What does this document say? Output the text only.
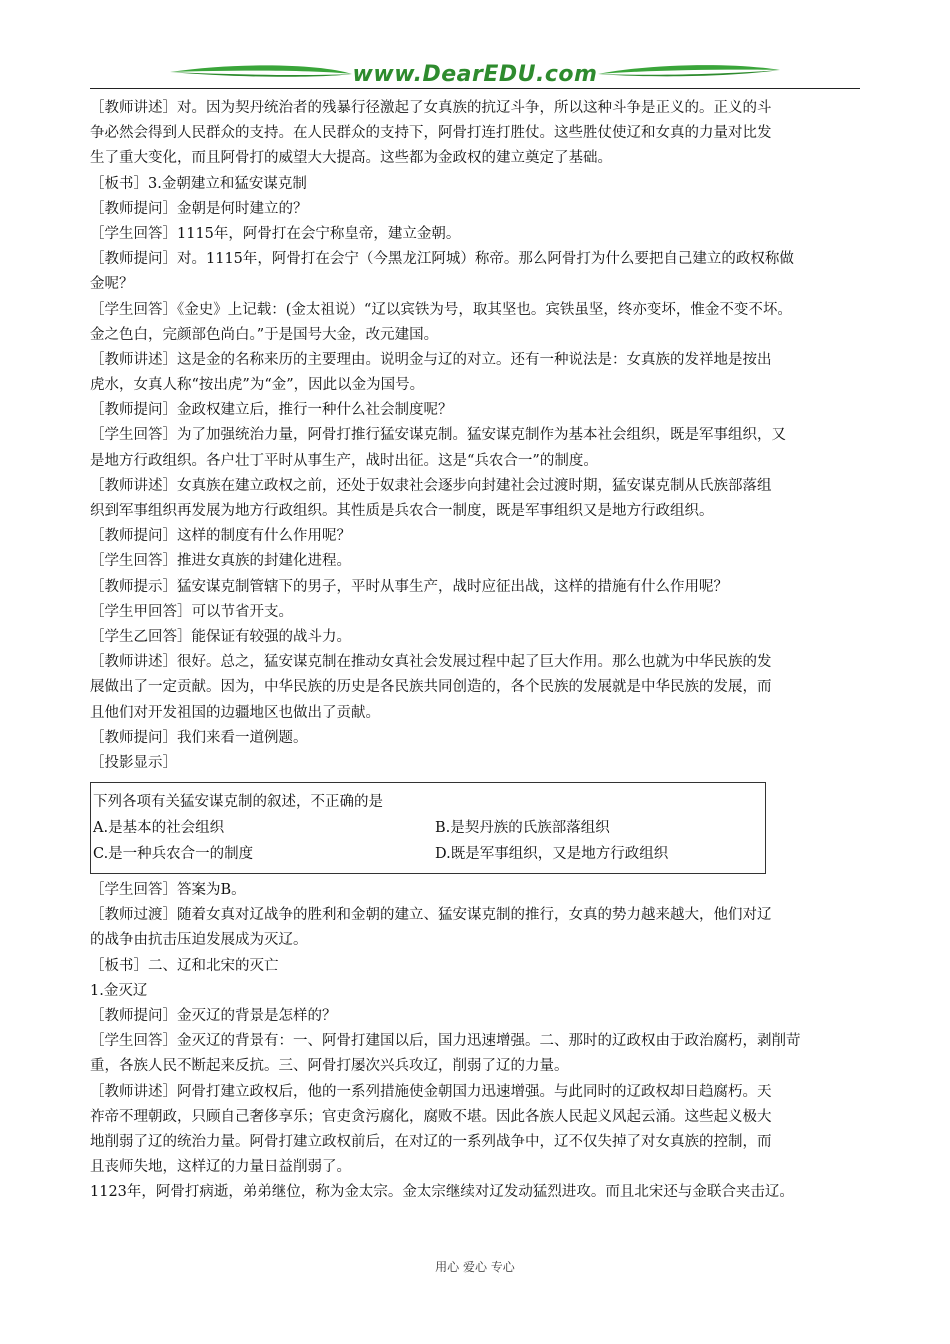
www.DearEDU.com
［教师讲述］对。因为契丹统治者的残暴行径激起了女真族的抗辽斗争，所以这种斗争是正义的。正义的斗
争必然会得到人民群众的支持。在人民群众的支持下，阿骨打连打胜仗。这些胜仗使辽和女真的力量对比发
生了重大变化，而且阿骨打的威望大大提高。这些都为金政权的建立奠定了基础。
［板书］3.金朝建立和猛安谋克制
［教师提问］金朝是何时建立的？
［学生回答］1115年，阿骨打在会宁称皇帝，建立金朝。
［教师提问］对。1115年，阿骨打在会宁（今黑龙江阿城）称帝。那么阿骨打为什么要把自己建立的政权称做
金呢？
［学生回答］《金史》上记载：(金太祖说）“辽以宾铁为号，取其坚也。宾铁虽坚，终亦变坏，惟金不变不坏。
金之色白，完颜部色尚白。”于是国号大金，改元建国。
［教师讲述］这是金的名称来历的主要理由。说明金与辽的对立。还有一种说法是：女真族的发祥地是按出
虎水，女真人称“按出虎”为“金”，因此以金为国号。
［教师提问］金政权建立后，推行一种什么社会制度呢？
［学生回答］为了加强统治力量，阿骨打推行猛安谋克制。猛安谋克制作为基本社会组织，既是军事组织，又
是地方行政组织。各户壮丁平时从事生产，战时出征。这是“兵农合一”的制度。
［教师讲述］女真族在建立政权之前，还处于奴隶社会逐步向封建社会过渡时期，猛安谋克制从氏族部落组
织到军事组织再发展为地方行政组织。其性质是兵农合一制度，既是军事组织又是地方行政组织。
［教师提问］这样的制度有什么作用呢？
［学生回答］推进女真族的封建化进程。
［教师提示］猛安谋克制管辖下的男子，平时从事生产，战时应征出战，这样的措施有什么作用呢？
［学生甲回答］可以节省开支。
［学生乙回答］能保证有较强的战斗力。
［教师讲述］很好。总之，猛安谋克制在推动女真社会发展过程中起了巨大作用。那么也就为中华民族的发
展做出了一定贡献。因为，中华民族的历史是各民族共同创造的，各个民族的发展就是中华民族的发展，而
且他们对开发祖国的边疆地区也做出了贡献。
［教师提问］我们来看一道例题。
［投影显示］
下列各项有关猛安谋克制的叙述，不正确的是
A.是基本的社会组织	B.是契丹族的氏族部落组织
C.是一种兵农合一的制度	D.既是军事组织，又是地方行政组织
［学生回答］答案为B。
［教师过渡］随着女真对辽战争的胜利和金朝的建立、猛安谋克制的推行，女真的势力越来越大，他们对辽
的战争由抗击压迫发展成为灭辽。
［板书］二、辽和北宋的灭亡
1.金灭辽
［教师提问］金灭辽的背景是怎样的？
［学生回答］金灭辽的背景有：一、阿骨打建国以后，国力迅速增强。二、那时的辽政权由于政治腐朽，剥削苛
重，各族人民不断起来反抗。三、阿骨打屡次兴兵攻辽，削弱了辽的力量。
［教师讲述］阿骨打建立政权后，他的一系列措施使金朝国力迅速增强。与此同时的辽政权却日趋腐朽。天
祚帝不理朝政，只顾自己奢侈享乐；官吏贪污腐化，腐败不堪。因此各族人民起义风起云涌。这些起义极大
地削弱了辽的统治力量。阿骨打建立政权前后，在对辽的一系列战争中，辽不仅失掉了对女真族的控制，而
且丧师失地，这样辽的力量日益削弱了。
1123年，阿骨打病逝，弟弟继位，称为金太宗。金太宗继续对辽发动猛烈进攻。而且北宋还与金联合夹击辽。
用心 爱心 专心
